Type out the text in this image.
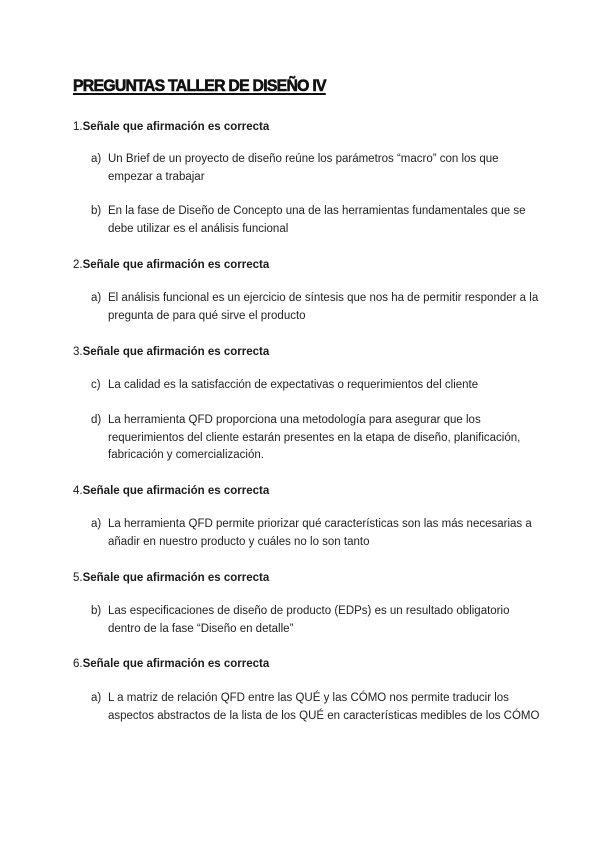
PREGUNTAS TALLER DE DISEÑO IV
1.Señale que afirmación es correcta
a) Un Brief de un proyecto de diseño reúne los parámetros “macro” con los que empezar a trabajar
b) En la fase de Diseño de Concepto una de las herramientas fundamentales que se debe utilizar es el análisis funcional
2.Señale que afirmación es correcta
a) El análisis funcional es un ejercicio de síntesis que nos ha de permitir responder a la pregunta de para qué sirve el producto
3.Señale que afirmación es correcta
c) La calidad es la satisfacción de expectativas o requerimientos del cliente
d) La herramienta QFD proporciona una metodología para asegurar que los requerimientos del cliente estarán presentes en la etapa de diseño, planificación, fabricación y comercialización.
4.Señale que afirmación es correcta
a) La herramienta QFD permite priorizar qué características son las más necesarias a añadir en nuestro producto y cuáles no lo son tanto
5.Señale que afirmación es correcta
b) Las especificaciones de diseño de producto (EDPs) es un resultado obligatorio dentro de la fase “Diseño en detalle”
6.Señale que afirmación es correcta
a) L a matriz de relación QFD entre las QUÉ y las CÓMO nos permite traducir los aspectos abstractos de la lista de los QUÉ en características medibles de los CÓMO
